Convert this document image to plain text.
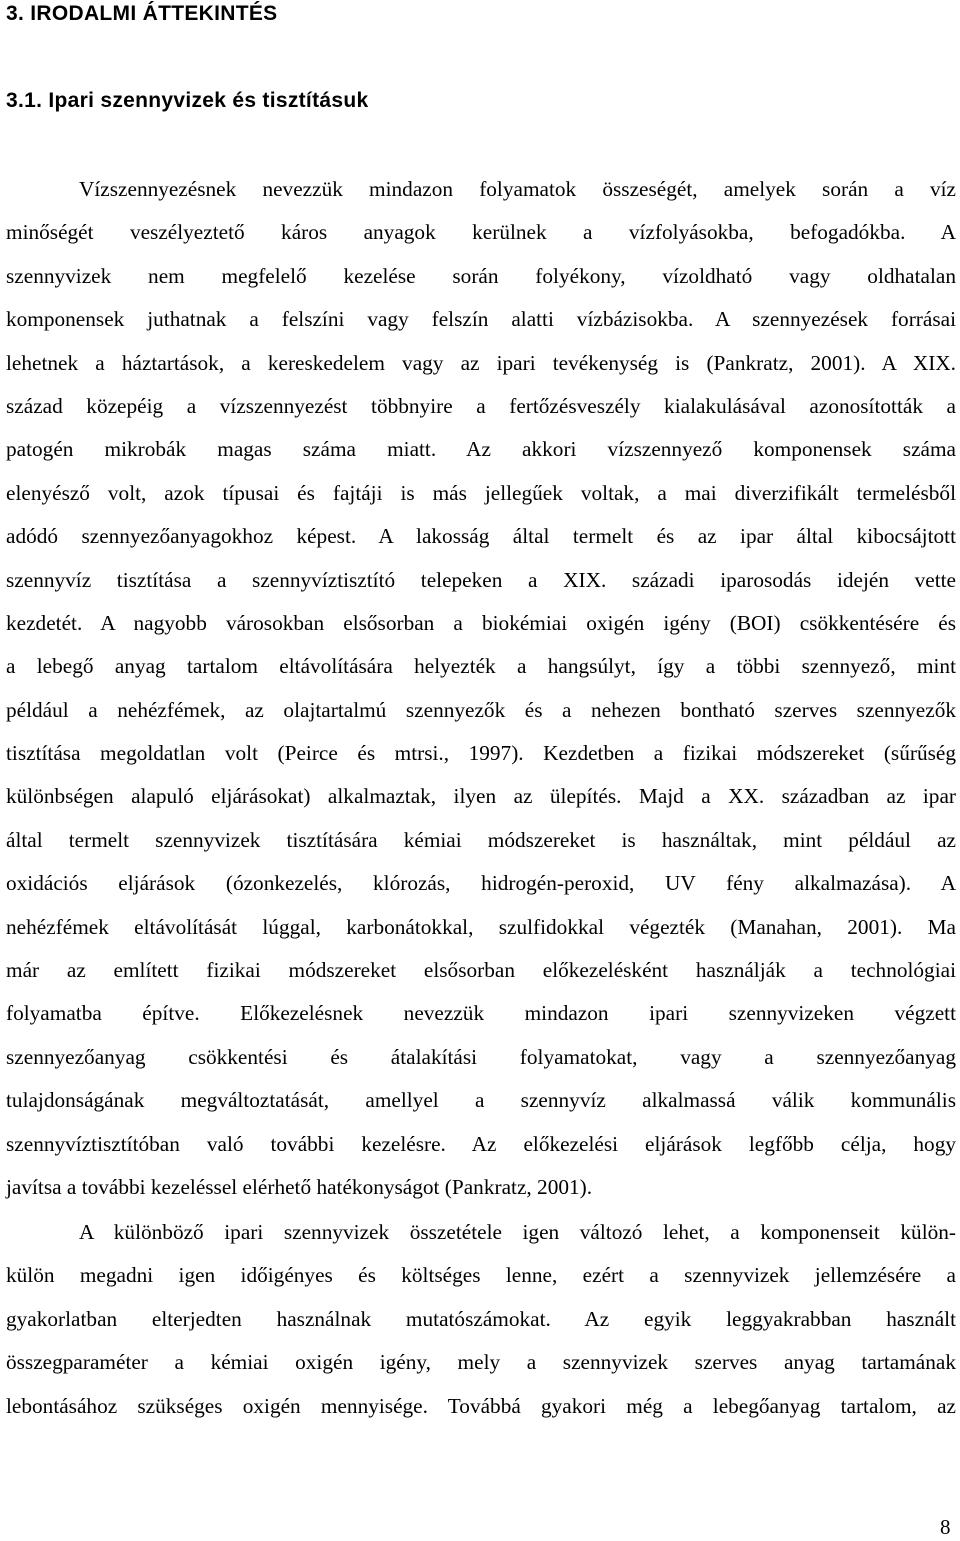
3. IRODALMI ÁTTEKINTÉS
3.1. Ipari szennyvizek és tisztításuk
Vízszennyezésnek nevezzük mindazon folyamatok összeségét, amelyek során a víz
minőségét veszélyeztető káros anyagok kerülnek a vízfolyásokba, befogadókba. A
szennyvizek nem megfelelő kezelése során folyékony, vízoldható vagy oldhatalan
komponensek juthatnak a felszíni vagy felszín alatti vízbázisokba. A szennyezések forrásai
lehetnek a háztartások, a kereskedelem vagy az ipari tevékenység is (Pankratz, 2001). A XIX.
század közepéig a vízszennyezést többnyire a fertőzésveszély kialakulásával azonosították a
patogén mikrobák magas száma miatt. Az akkori vízszennyező komponensek száma
elenyésző volt, azok típusai és fajtáji is más jellegűek voltak, a mai diverzifikált termelésből
adódó szennyezőanyagokhoz képest. A lakosság által termelt és az ipar által kibocsájtott
szennyvíz tisztítása a szennyvíztisztító telepeken a XIX. századi iparosodás idején vette
kezdetét. A nagyobb városokban elsősorban a biokémiai oxigén igény (BOI) csökkentésére és
a lebegő anyag tartalom eltávolítására helyezték a hangsúlyt, így a többi szennyező, mint
például a nehézfémek, az olajtartalmú szennyezők és a nehezen bontható szerves szennyezők
tisztítása megoldatlan volt (Peirce és mtrsi., 1997). Kezdetben a fizikai módszereket (sűrűség
különbségen alapuló eljárásokat) alkalmaztak, ilyen az ülepítés. Majd a XX. században az ipar
által termelt szennyvizek tisztítására kémiai módszereket is használtak, mint például az
oxidációs eljárások (ózonkezelés, klórozás, hidrogén-peroxid, UV fény alkalmazása). A
nehézfémek eltávolítását lúggal, karbonátokkal, szulfidokkal végezték (Manahan, 2001). Ma
már az említett fizikai módszereket elsősorban előkezelésként használják a technológiai
folyamatba építve. Előkezelésnek nevezzük mindazon ipari szennyvizeken végzett
szennyezőanyag csökkentési és átalakítási folyamatokat, vagy a szennyezőanyag
tulajdonságának megváltoztatását, amellyel a szennyvíz alkalmassá válik kommunális
szennyvíztisztítóban való további kezelésre. Az előkezelési eljárások legfőbb célja, hogy
javítsa a további kezeléssel elérhető hatékonyságot (Pankratz, 2001).
A különböző ipari szennyvizek összetétele igen változó lehet, a komponenseit külön-
külön megadni igen időigényes és költséges lenne, ezért a szennyvizek jellemzésére a
gyakorlatban elterjedten használnak mutatószámokat. Az egyik leggyakrabban használt
összegparaméter a kémiai oxigén igény, mely a szennyvizek szerves anyag tartamának
lebontásához szükséges oxigén mennyisége. Továbbá gyakori még a lebegőanyag tartalom, az
8
